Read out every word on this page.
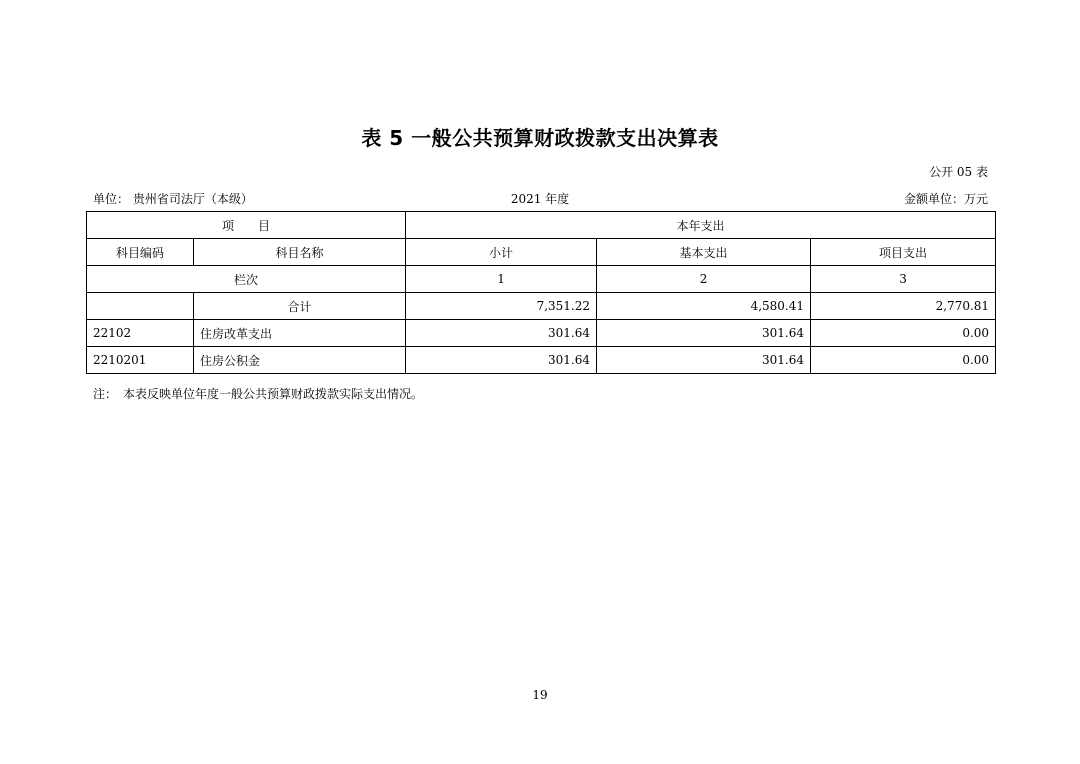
表 5 一般公共预算财政拨款支出决算表
公开 05 表
单位： 贵州省司法厅（本级）	2021 年度	金额单位：万元
项　　目		本年支出		
科目编码	科目名称	小计	基本支出	项目支出
栏次		1	2	3
	合计	7,351.22	4,580.41	2,770.81
22102	住房改革支出	301.64	301.64	0.00
2210201	住房公积金	301.64	301.64	0.00
注：　本表反映单位年度一般公共预算财政拨款实际支出情况。
19
